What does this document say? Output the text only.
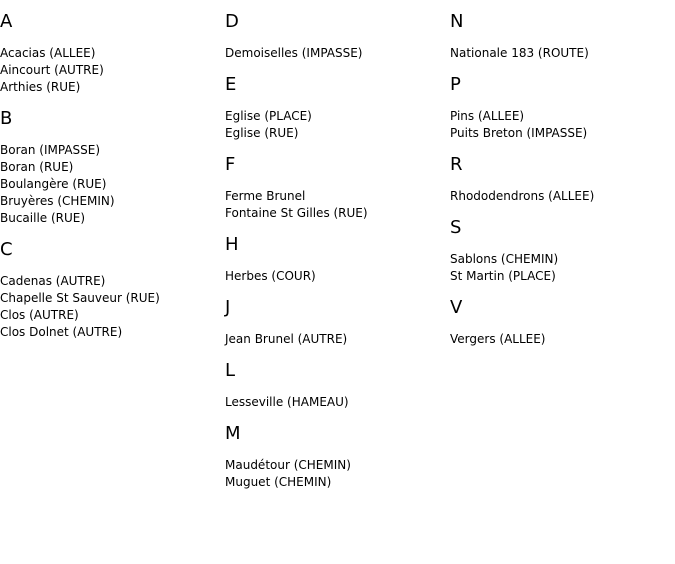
A
Acacias (ALLEE)
Aincourt (AUTRE)
Arthies (RUE)
B
Boran (IMPASSE)
Boran (RUE)
Boulangère (RUE)
Bruyères (CHEMIN)
Bucaille (RUE)
C
Cadenas (AUTRE)
Chapelle St Sauveur (RUE)
Clos (AUTRE)
Clos Dolnet (AUTRE)
D
Demoiselles (IMPASSE)
E
Eglise (PLACE)
Eglise (RUE)
F
Ferme Brunel
Fontaine St Gilles (RUE)
H
Herbes (COUR)
J
Jean Brunel (AUTRE)
L
Lesseville (HAMEAU)
M
Maudétour (CHEMIN)
Muguet (CHEMIN)
N
Nationale 183 (ROUTE)
P
Pins (ALLEE)
Puits Breton (IMPASSE)
R
Rhododendrons (ALLEE)
S
Sablons (CHEMIN)
St Martin (PLACE)
V
Vergers (ALLEE)
